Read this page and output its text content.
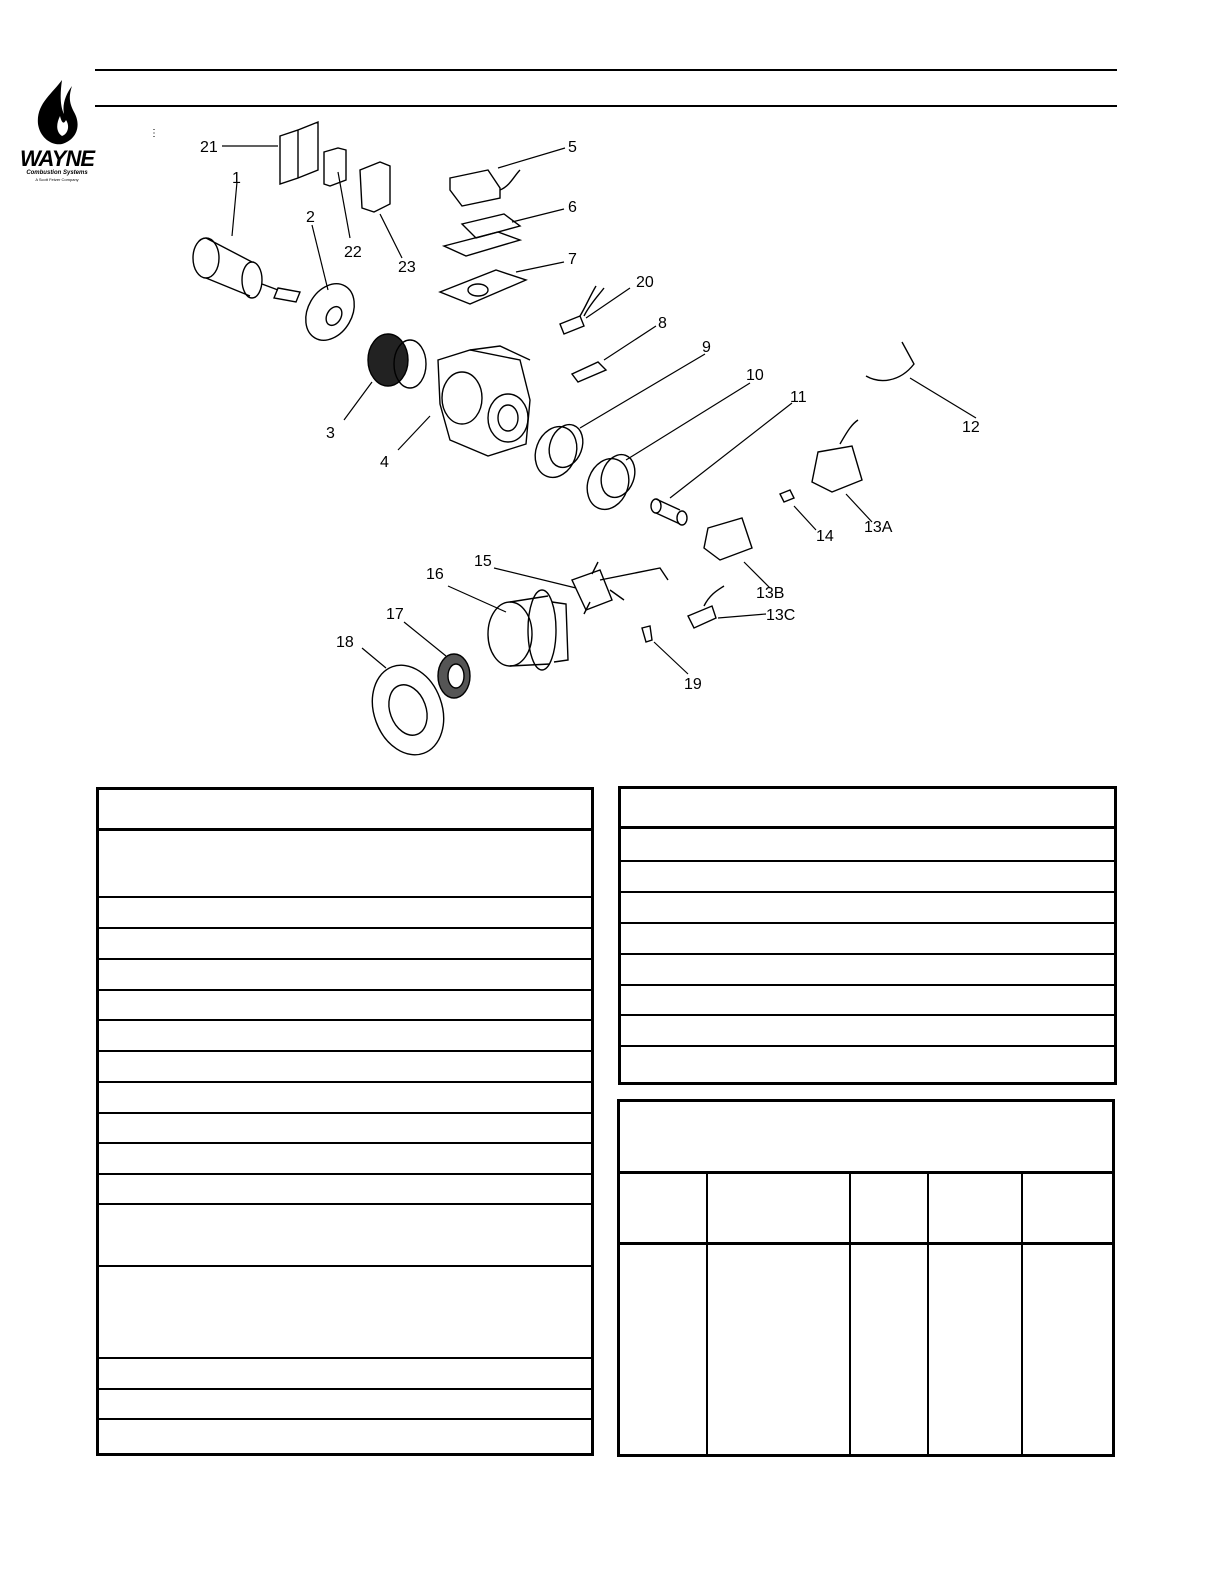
WAYNE
Combustion Systems
A Scott Fetzer Company
⋮
1
2
3
4
5
6
7
8
9
10
11
12
13A
13B
13C
14
15
16
17
18
19
20
21
22
23
